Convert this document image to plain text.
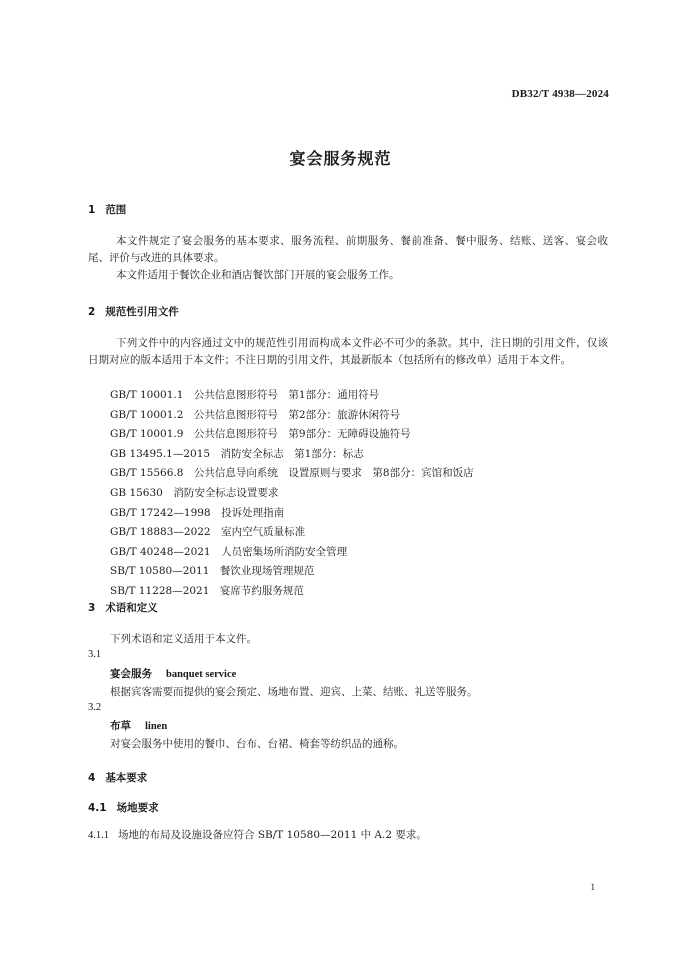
DB32/T 4938—2024
宴会服务规范
1 范围
本文件规定了宴会服务的基本要求、服务流程、前期服务、餐前准备、餐中服务、结账、送客、宴会收尾、评价与改进的具体要求。
本文件适用于餐饮企业和酒店餐饮部门开展的宴会服务工作。
2 规范性引用文件
下列文件中的内容通过文中的规范性引用而构成本文件必不可少的条款。其中，注日期的引用文件，仅该日期对应的版本适用于本文件；不注日期的引用文件，其最新版本（包括所有的修改单）适用于本文件。
GB/T 10001.1　公共信息图形符号　第1部分：通用符号
GB/T 10001.2　公共信息图形符号　第2部分：旅游休闲符号
GB/T 10001.9　公共信息图形符号　第9部分：无障碍设施符号
GB 13495.1—2015　消防安全标志　第1部分：标志
GB/T 15566.8　公共信息导向系统　设置原则与要求　第8部分：宾馆和饭店
GB 15630　消防安全标志设置要求
GB/T 17242—1998　投诉处理指南
GB/T 18883—2022　室内空气质量标准
GB/T 40248—2021　人员密集场所消防安全管理
SB/T 10580—2011　餐饮业现场管理规范
SB/T 11228—2021　宴席节约服务规范
3 术语和定义
下列术语和定义适用于本文件。
3.1
宴会服务 banquet service
根据宾客需要而提供的宴会预定、场地布置、迎宾、上菜、结账、礼送等服务。
3.2
布草 linen
对宴会服务中使用的餐巾、台布、台裙、椅套等纺织品的通称。
4 基本要求
4.1 场地要求
4.1.1 场地的布局及设施设备应符合 SB/T 10580—2011 中 A.2 要求。
1
